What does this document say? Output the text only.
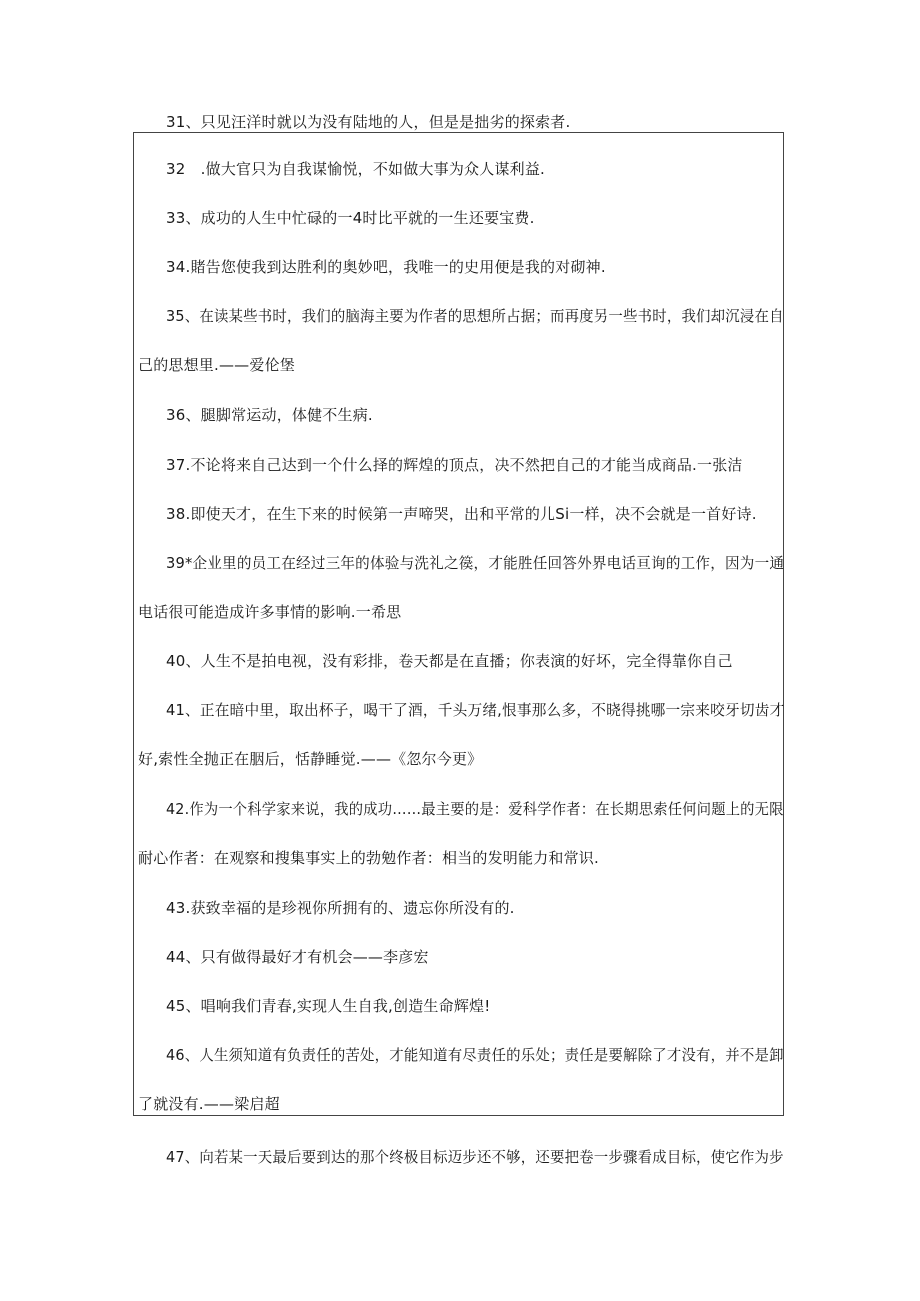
31、只见汪洋时就以为没有陆地的人，但是是拙劣的探索者.
32　.做大官只为自我谋愉悦，不如做大事为众人谋利益.
33、成功的人生中忙碌的一4时比平就的一生还要宝费.
34.賭告您使我到达胜利的奥妙吧，我唯一的史用便是我的对砌神.
35、在读某些书时，我们的脑海主要为作者的思想所占据；而再度另一些书时，我们却沉浸在自
己的思想里.——爱伦堡
36、腿脚常运动，体健不生病.
37.不论将来自己达到一个什么择的辉煌的顶点，决不然把自己的才能当成商品.一张洁
38.即使天才，在生下来的时候第一声啼哭，出和平常的儿Si一样，决不会就是一首好诗.
39*企业里的员工在经过三年的体验与洗礼之篌，才能胜任回答外界电话亘询的工作，因为一通
电话很可能造成许多事情的影响.一希思
40、人生不是拍电视，没有彩排，卷天都是在直播；你表演的好坏，完全得靠你自己
41、正在暗中里，取出杯子，喝干了酒，千头万绪,恨事那么多，不晓得挑哪一宗来咬牙切齿才
好,索性全抛正在胭后，恬静睡觉.——《忽尔今更》
42.作为一个科学家来说，我的成功……最主要的是：爱科学作者：在长期思索任何问题上的无限
耐心作者：在观察和搜集事实上的勃勉作者：相当的发明能力和常识.
43.获致幸福的是珍视你所拥有的、遗忘你所没有的.
44、只有做得最好才有机会——李彦宏
45、唱响我们青春,实现人生自我,创造生命辉煌!
46、人生须知道有负责任的苦处，才能知道有尽责任的乐处；责任是要解除了才没有，并不是卸
了就没有.——梁启超
47、向若某一天最后要到达的那个终极目标迈步还不够，还要把卷一步骤看成目标，使它作为步
